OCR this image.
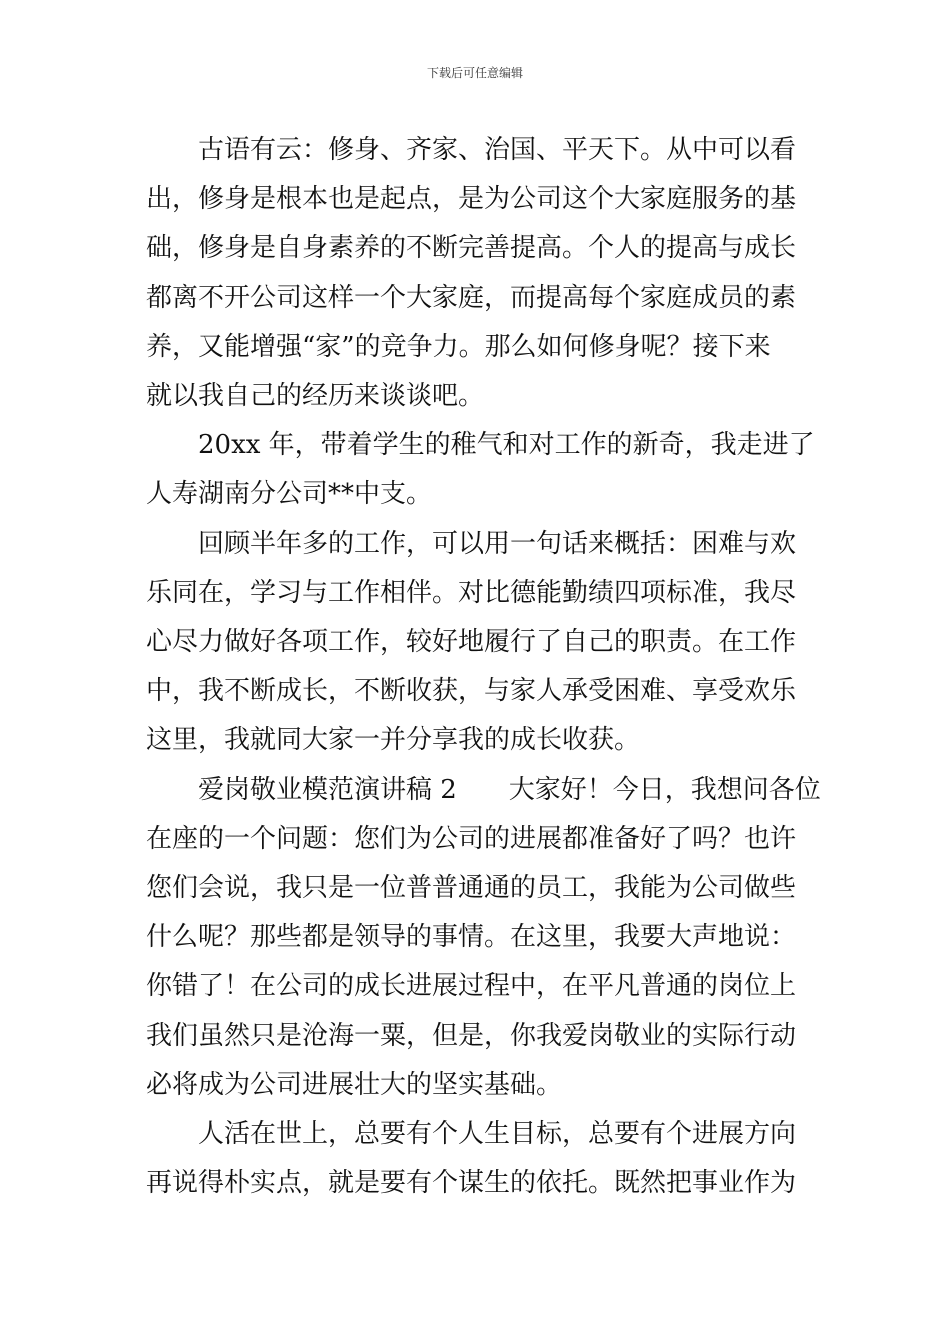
下载后可任意编辑

古语有云：修身、齐家、治国、平天下。从中可以看
出，修身是根本也是起点，是为公司这个大家庭服务的基
础，修身是自身素养的不断完善提高。个人的提高与成长
都离不开公司这样一个大家庭，而提高每个家庭成员的素
养，又能增强“家”的竞争力。那么如何修身呢？接下来
就以我自己的经历来谈谈吧。

20xx 年，带着学生的稚气和对工作的新奇，我走进了
人寿湖南分公司**中支。

回顾半年多的工作，可以用一句话来概括：困难与欢
乐同在，学习与工作相伴。对比德能勤绩四项标准，我尽
心尽力做好各项工作，较好地履行了自己的职责。在工作
中，我不断成长，不断收获，与家人承受困难、享受欢乐
这里，我就同大家一并分享我的成长收获。

爱岗敬业模范演讲稿 2　　大家好！今日，我想问各位
在座的一个问题：您们为公司的进展都准备好了吗？也许
您们会说，我只是一位普普通通的员工，我能为公司做些
什么呢？那些都是领导的事情。在这里，我要大声地说：
你错了！在公司的成长进展过程中，在平凡普通的岗位上
我们虽然只是沧海一粟，但是，你我爱岗敬业的实际行动
必将成为公司进展壮大的坚实基础。

人活在世上，总要有个人生目标，总要有个进展方向
再说得朴实点，就是要有个谋生的依托。既然把事业作为
